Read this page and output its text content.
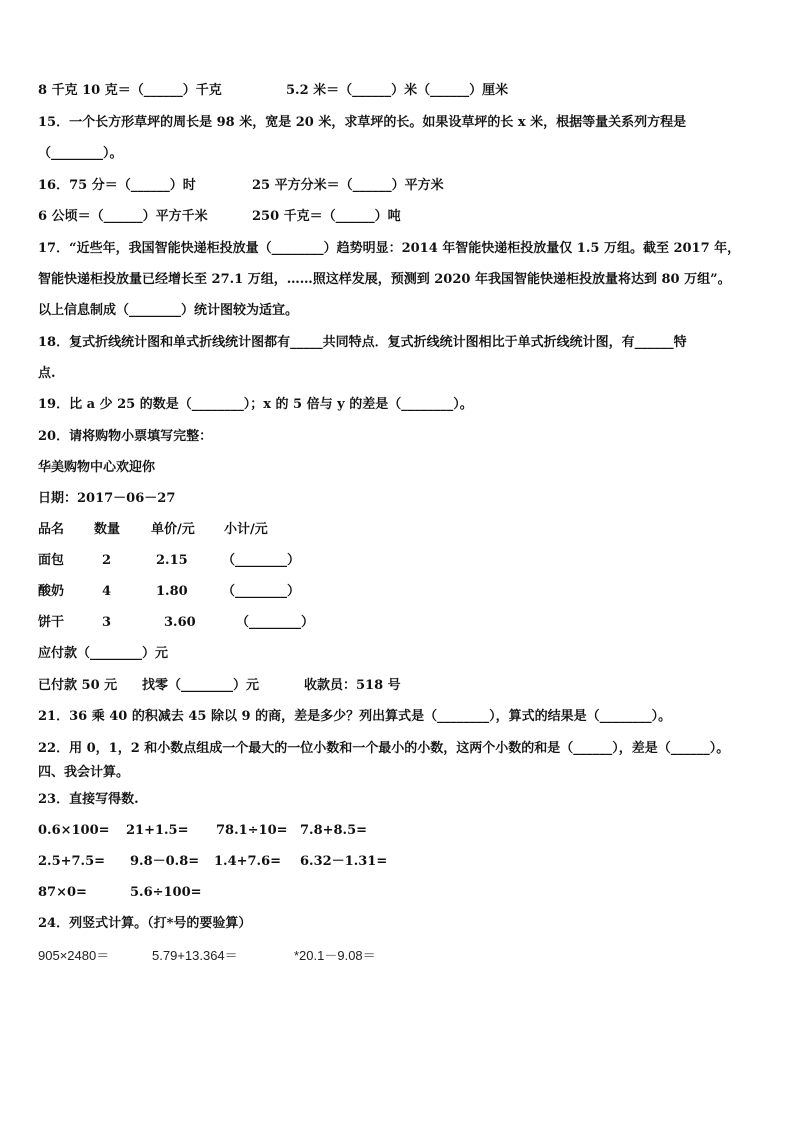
8 千克 10 克＝（______）千克	5.2 米＝（______）米（______）厘米
15．一个长方形草坪的周长是 98 米，宽是 20 米，求草坪的长。如果设草坪的长 x 米，根据等量关系列方程是
（________）。
16．75 分＝（______）时	25 平方分米＝（______）平方米
6 公顷＝（______）平方千米	250 千克＝（______）吨
17．“近些年，我国智能快递柜投放量（________）趋势明显：2014 年智能快递柜投放量仅 1.5 万组。截至 2017 年，
智能快递柜投放量已经增长至 27.1 万组，……照这样发展，预测到 2020 年我国智能快递柜投放量将达到 80 万组”。
以上信息制成（________）统计图较为适宜。
18．复式折线统计图和单式折线统计图都有_____共同特点．复式折线统计图相比于单式折线统计图，有______特
点.
19．比 a 少 25 的数是（________）；x 的 5 倍与 y 的差是（________）。
20．请将购物小票填写完整：
华美购物中心欢迎你
日期：2017－06－27
品名 数量 单价/元 小计/元
面包	2	2.15	（________）
酸奶	4	1.80	（________）
饼干	3	3.60	（________）
应付款（________）元
已付款 50 元 找零（________）元	收款员：518 号
21．36 乘 40 的积减去 45 除以 9 的商，差是多少？列出算式是（________），算式的结果是（________）。
22．用 0，1，2 和小数点组成一个最大的一位小数和一个最小的小数，这两个小数的和是（______），差是（______）。
四、我会计算。
23．直接写得数.
0.6×100= 21+1.5= 78.1÷10= 7.8+8.5=
2.5+7.5= 9.8－0.8= 1.4+7.6= 6.32－1.31=
87×0=	5.6÷100=
24．列竖式计算。（打*号的要验算）
905×2480＝	5.79+13.364＝	*20.1－9.08＝
